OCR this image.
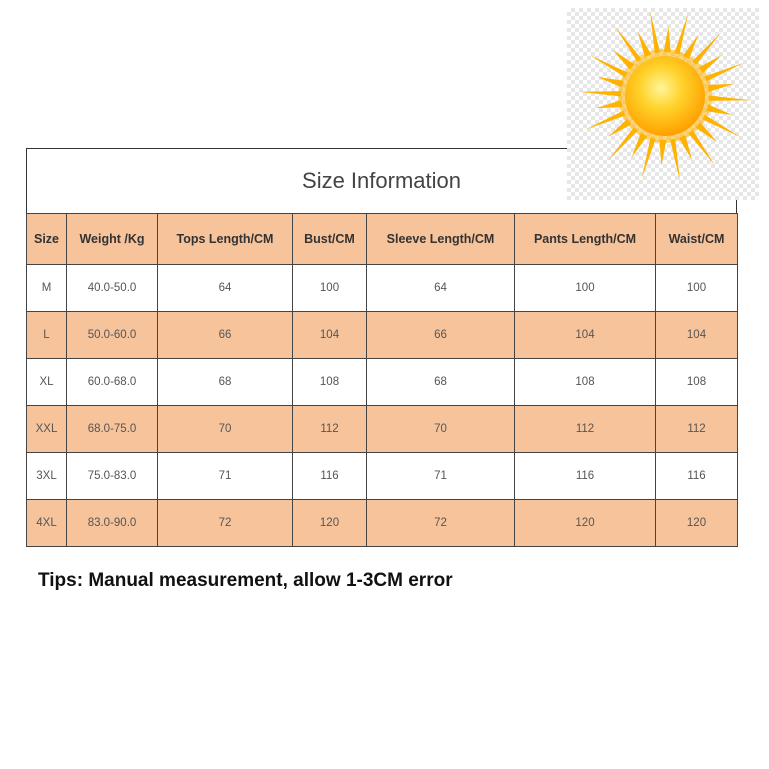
Size Information
Size	Weight /Kg	Tops Length/CM	Bust/CM	Sleeve Length/CM	Pants Length/CM	Waist/CM
M	40.0-50.0	64	100	64	100	100
L	50.0-60.0	66	104	66	104	104
XL	60.0-68.0	68	108	68	108	108
XXL	68.0-75.0	70	112	70	112	112
3XL	75.0-83.0	71	116	71	116	116
4XL	83.0-90.0	72	120	72	120	120
Tips: Manual measurement, allow 1-3CM error
